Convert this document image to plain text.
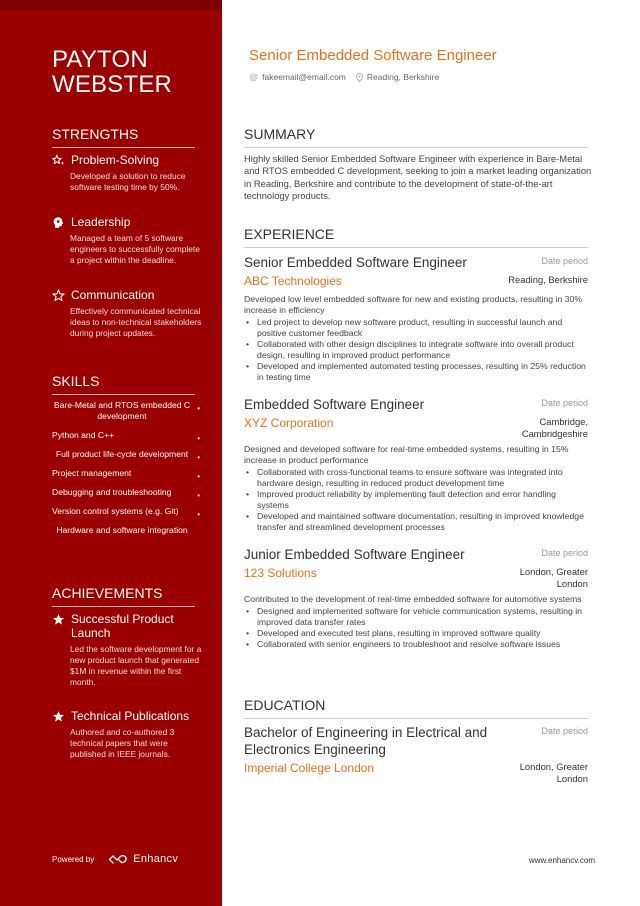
PAYTON
WEBSTER
STRENGTHS
Problem-Solving
Developed a solution to reduce software testing time by 50%.
Leadership
Managed a team of 5 software engineers to successfully complete a project within the deadline.
Communication
Effectively communicated technical ideas to non-technical stakeholders during project updates.
SKILLS
Bare-Metal and RTOS embedded C development
•
Python and C++	•
Full product life-cycle development •
Project management	•
Debugging and troubleshooting	•
Version control systems (e.g. Git) •
Hardware and software integration
ACHIEVEMENTS
Successful Product Launch
Led the software development for a new product launch that generated $1M in revenue within the first month.
Technical Publications
Authored and co-authored 3 technical papers that were published in IEEE journals.
Powered by	Enhancv
Senior Embedded Software Engineer
@ fakeemail@email.com Reading, Berkshire
SUMMARY
Highly skilled Senior Embedded Software Engineer with experience in Bare-Metal and RTOS embedded C development, seeking to join a market leading organization in Reading, Berkshire and contribute to the development of state-of-the-art technology products.
EXPERIENCE
Senior Embedded Software Engineer	Date period
ABC Technologies	Reading, Berkshire
Developed low level embedded software for new and existing products, resulting in 30% increase in efficiency
• Led project to develop new software product, resulting in successful launch and positive customer feedback
• Collaborated with other design disciplines to integrate software into overall product design, resulting in improved product performance
• Developed and implemented automated testing processes, resulting in 25% reduction in testing time
Embedded Software Engineer	Date period
XYZ Corporation	Cambridge, Cambridgeshire
Designed and developed software for real-time embedded systems, resulting in 15% increase in product performance
• Collaborated with cross-functional teams to ensure software was integrated into hardware design, resulting in reduced product development time
• Improved product reliability by implementing fault detection and error handling systems
• Developed and maintained software documentation, resulting in improved knowledge transfer and streamlined development processes
Junior Embedded Software Engineer	Date period
123 Solutions	London, Greater London
Contributed to the development of real-time embedded software for automotive systems
• Designed and implemented software for vehicle communication systems, resulting in improved data transfer rates
• Developed and executed test plans, resulting in improved software quality
• Collaborated with senior engineers to troubleshoot and resolve software issues
EDUCATION
Bachelor of Engineering in Electrical and Electronics Engineering
Date period
Imperial College London	London, Greater London
www.enhancv.com
